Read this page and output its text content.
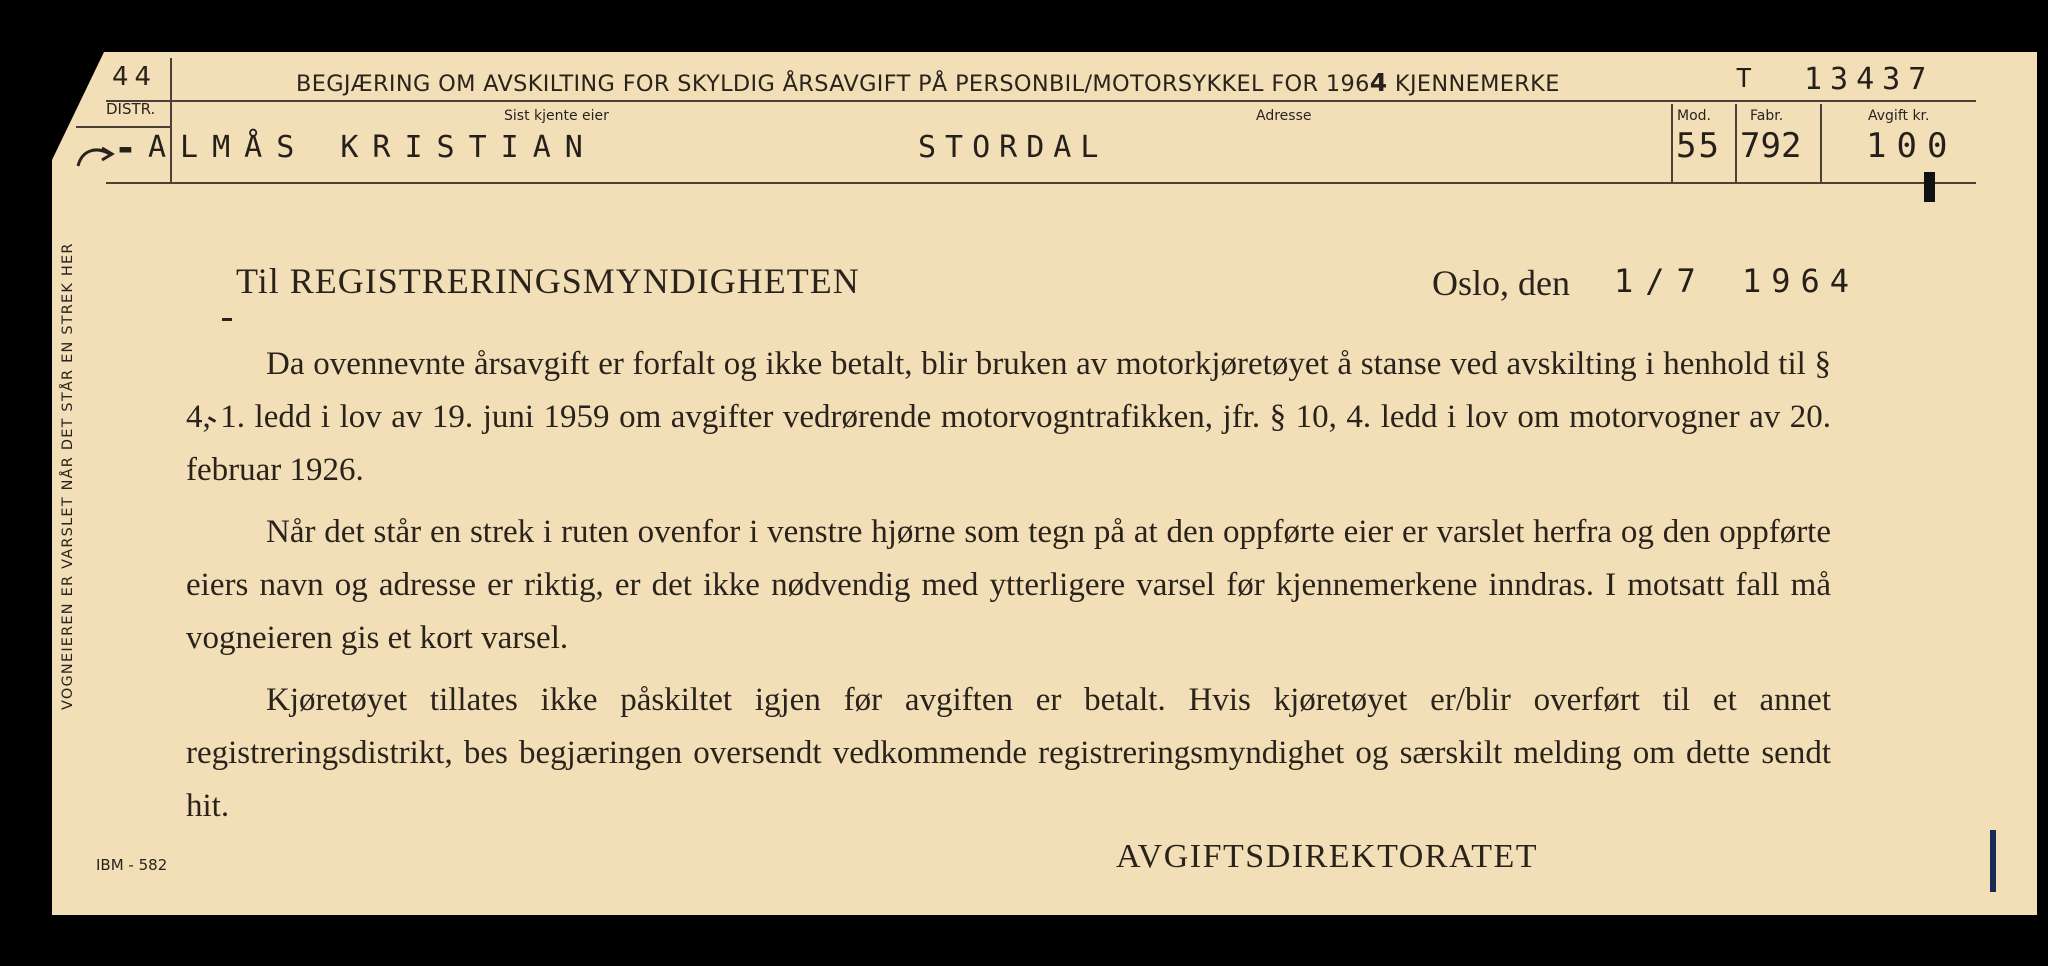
44
DISTR.
BEGJÆRING OM AVSKILTING FOR SKYLDIG ÅRSAVGIFT PÅ PERSONBIL/MOTORSYKKEL FOR 1964 KJENNEMERKE	T 13437
Sist kjente eier	Adresse	Mod.	Fabr.	Avgift kr.
- ALMÅS KRISTIAN	STORDAL	55 792 100
VOGNEIEREN ER VARSLET NÅR DET STÅR EN STREK HER	Til REGISTRERINGSMYNDIGHETEN	Oslo, den 1/7 1964

Da ovennevnte årsavgift er forfalt og ikke betalt, blir bruken av motorkjøretøyet å stanse ved avskilting i henhold til § 4, 1. ledd i lov av 19. juni 1959 om avgifter vedrørende motorvogntrafikken, jfr. § 10, 4. ledd i lov om motorvogner av 20. februar 1926.

Når det står en strek i ruten ovenfor i venstre hjørne som tegn på at den oppførte eier er varslet herfra og den oppførte eiers navn og adresse er riktig, er det ikke nødvendig med ytterligere varsel før kjennemerkene inndras. I motsatt fall må vogneieren gis et kort varsel.

Kjøretøyet tillates ikke påskiltet igjen før avgiften er betalt. Hvis kjøretøyet er/blir overført til et annet registreringsdistrikt, bes begjæringen oversendt vedkommende registreringsmyndighet og særskilt melding om dette sendt hit.

IBM - 582	AVGIFTSDIREKTORATET
